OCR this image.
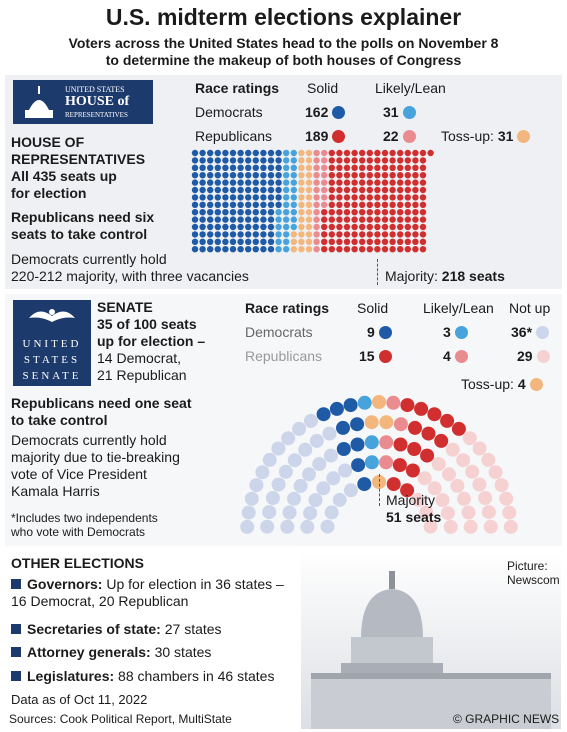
U.S. midterm elections explainer
Voters across the United States head to the polls on November 8
to determine the makeup of both houses of Congress
UNITED STATES
HOUSE of
REPRESENTATIVES
HOUSE OF
REPRESENTATIVES
All 435 seats up
for election
Republicans need six
seats to take control
Democrats currently hold
220-212 majority, with three vacancies
Race ratings Solid	Likely/Lean
Democrats	162	31
Republicans 189	22	Toss-up: 31
Majority: 218 seats
UNITED
STATES
SENATE
SENATE
35 of 100 seats
up for election –
14 Democrat,
21 Republican
Republicans need one seat
to take control
Democrats currently hold
majority due to tie-breaking
vote of Vice President
Kamala Harris
*Includes two independents
who vote with Democrats
Race ratings Solid Likely/Lean Not up
Democrats	9	3	36*
Republicans	15	4	29
Toss-up: 4
Majority
51 seats
OTHER ELECTIONS
Governors: Up for election in 36 states –
16 Democrat, 20 Republican
Secretaries of state: 27 states
Attorney generals: 30 states
Legislatures: 88 chambers in 46 states
Data as of Oct 11, 2022
Picture:
Newscom
Sources: Cook Political Report, MultiState	© GRAPHIC NEWS
